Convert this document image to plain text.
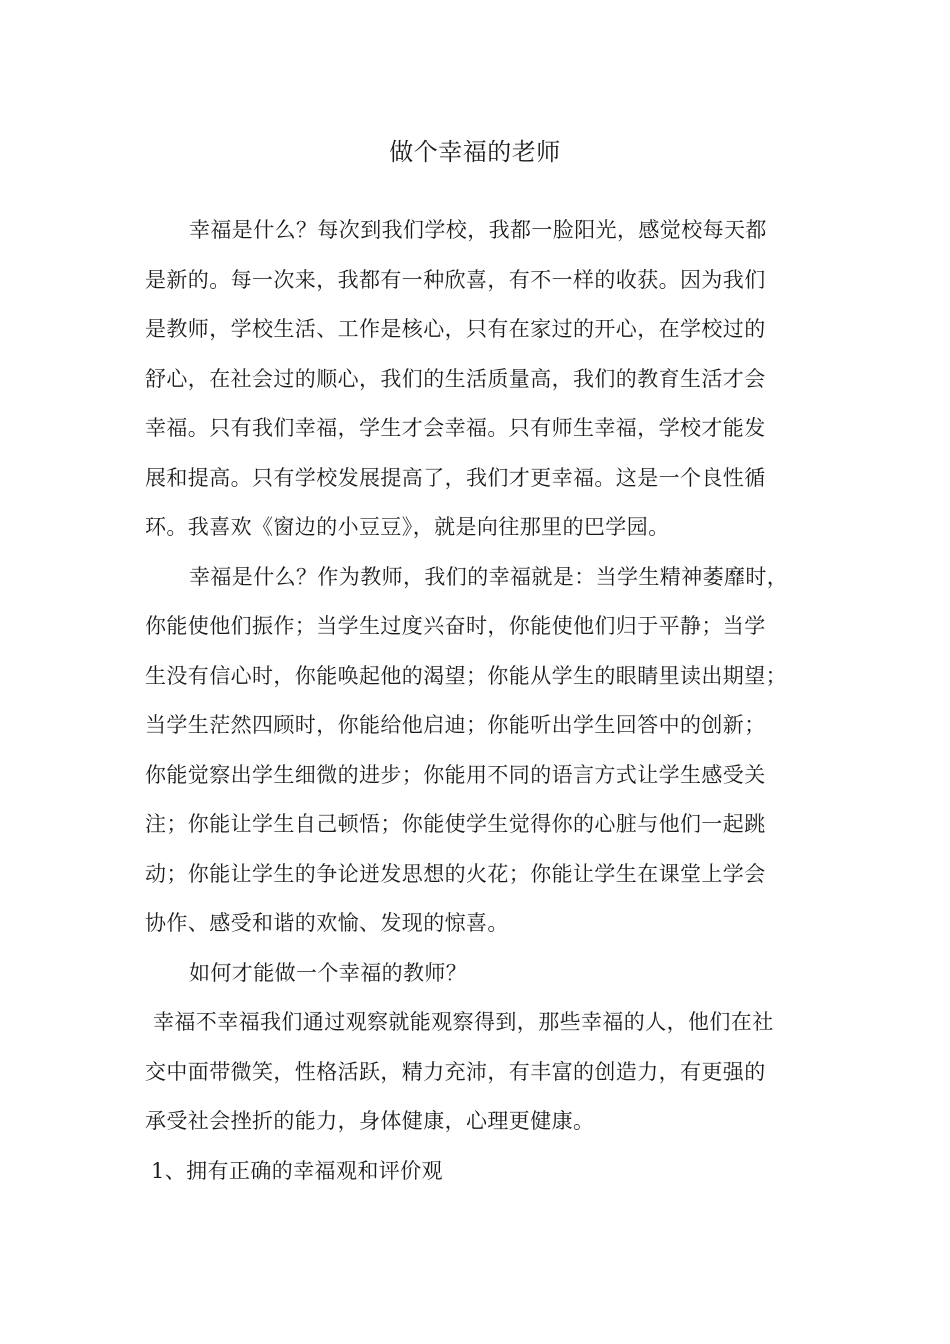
做个幸福的老师
幸福是什么？每次到我们学校，我都一脸阳光，感觉校每天都
是新的。每一次来，我都有一种欣喜，有不一样的收获。因为我们
是教师，学校生活、工作是核心，只有在家过的开心，在学校过的
舒心，在社会过的顺心，我们的生活质量高，我们的教育生活才会
幸福。只有我们幸福，学生才会幸福。只有师生幸福，学校才能发
展和提高。只有学校发展提高了，我们才更幸福。这是一个良性循
环。我喜欢《窗边的小豆豆》，就是向往那里的巴学园。
幸福是什么？作为教师，我们的幸福就是：当学生精神萎靡时，
你能使他们振作；当学生过度兴奋时，你能使他们归于平静；当学
生没有信心时，你能唤起他的渴望；你能从学生的眼睛里读出期望；
当学生茫然四顾时，你能给他启迪；你能听出学生回答中的创新；
你能觉察出学生细微的进步；你能用不同的语言方式让学生感受关
注；你能让学生自己顿悟；你能使学生觉得你的心脏与他们一起跳
动；你能让学生的争论迸发思想的火花；你能让学生在课堂上学会
协作、感受和谐的欢愉、发现的惊喜。
如何才能做一个幸福的教师？
幸福不幸福我们通过观察就能观察得到，那些幸福的人，他们在社
交中面带微笑，性格活跃，精力充沛，有丰富的创造力，有更强的
承受社会挫折的能力，身体健康，心理更健康。
1、拥有正确的幸福观和评价观
